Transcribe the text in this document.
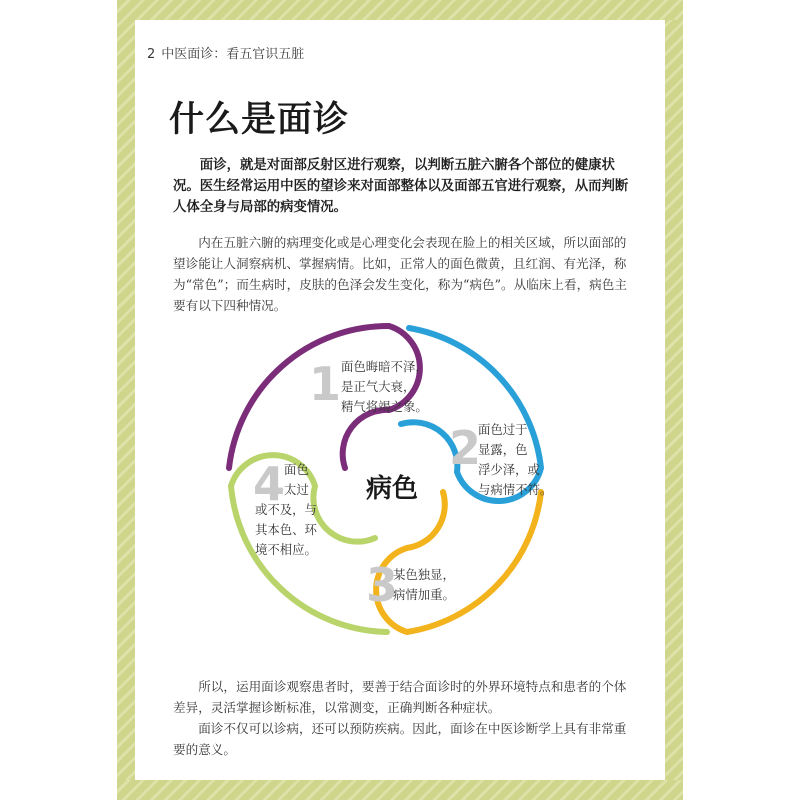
2 中医面诊：看五官识五脏
什么是面诊

面诊，就是对面部反射区进行观察，以判断五脏六腑各个部位的健康状况。医生经常运用中医的望诊来对面部整体以及面部五官进行观察，从而判断人体全身与局部的病变情况。

内在五脏六腑的病理变化或是心理变化会表现在脸上的相关区域，所以面部的望诊能让人洞察病机、掌握病情。比如，正常人的面色微黄，且红润、有光泽，称为“常色”；而生病时，皮肤的色泽会发生变化，称为“病色”。从临床上看，病色主要有以下四种情况。

所以，运用面诊观察患者时，要善于结合面诊时的外界环境特点和患者的个体差异，灵活掌握诊断标准，以常测变，正确判断各种症状。

面诊不仅可以诊病，还可以预防疾病。因此，面诊在中医诊断学上具有非常重要的意义。

病色
1 面色晦暗不泽，
是正气大衰，
精气将竭之象。
2
面色过于
显露，色
浮少泽，或
与病情不符。
3
某色独显，
病情加重。
4
面色
太过
或不及，与
其本色、环
境不相应。
